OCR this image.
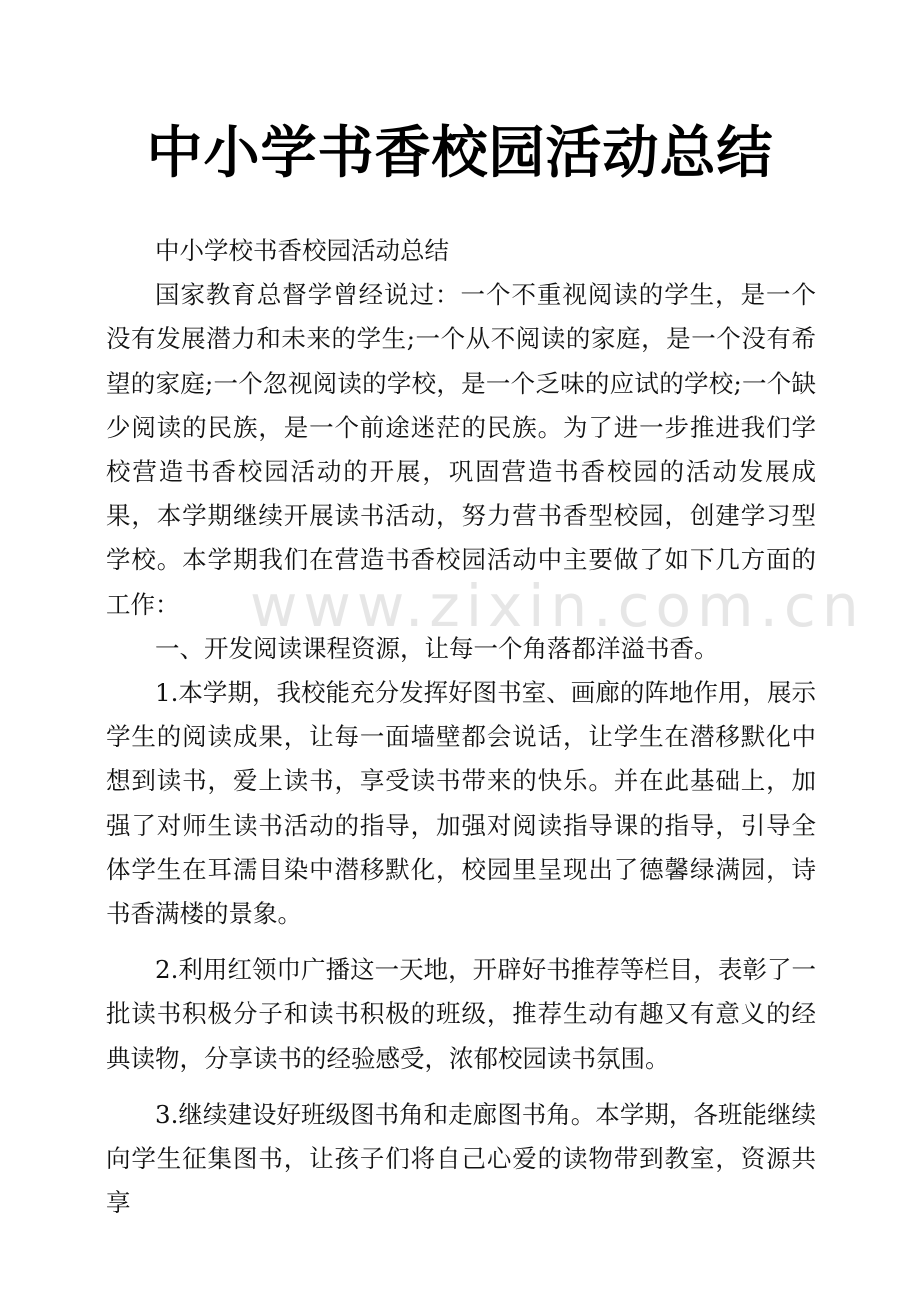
www.zixin.com.cn
中小学书香校园活动总结

中小学校书香校园活动总结

国家教育总督学曾经说过：一个不重视阅读的学生，是一个没有发展潜力和未来的学生;一个从不阅读的家庭，是一个没有希望的家庭;一个忽视阅读的学校，是一个乏味的应试的学校;一个缺少阅读的民族，是一个前途迷茫的民族。为了进一步推进我们学校营造书香校园活动的开展，巩固营造书香校园的活动发展成果，本学期继续开展读书活动，努力营书香型校园，创建学习型学校。本学期我们在营造书香校园活动中主要做了如下几方面的工作：

一、开发阅读课程资源，让每一个角落都洋溢书香。

1.本学期，我校能充分发挥好图书室、画廊的阵地作用，展示学生的阅读成果，让每一面墙壁都会说话，让学生在潜移默化中想到读书，爱上读书，享受读书带来的快乐。并在此基础上，加强了对师生读书活动的指导，加强对阅读指导课的指导，引导全体学生在耳濡目染中潜移默化，校园里呈现出了德馨绿满园，诗书香满楼的景象。

2.利用红领巾广播这一天地，开辟好书推荐等栏目，表彰了一批读书积极分子和读书积极的班级，推荐生动有趣又有意义的经典读物，分享读书的经验感受，浓郁校园读书氛围。

3.继续建设好班级图书角和走廊图书角。本学期，各班能继续向学生征集图书，让孩子们将自己心爱的读物带到教室，资源共享
